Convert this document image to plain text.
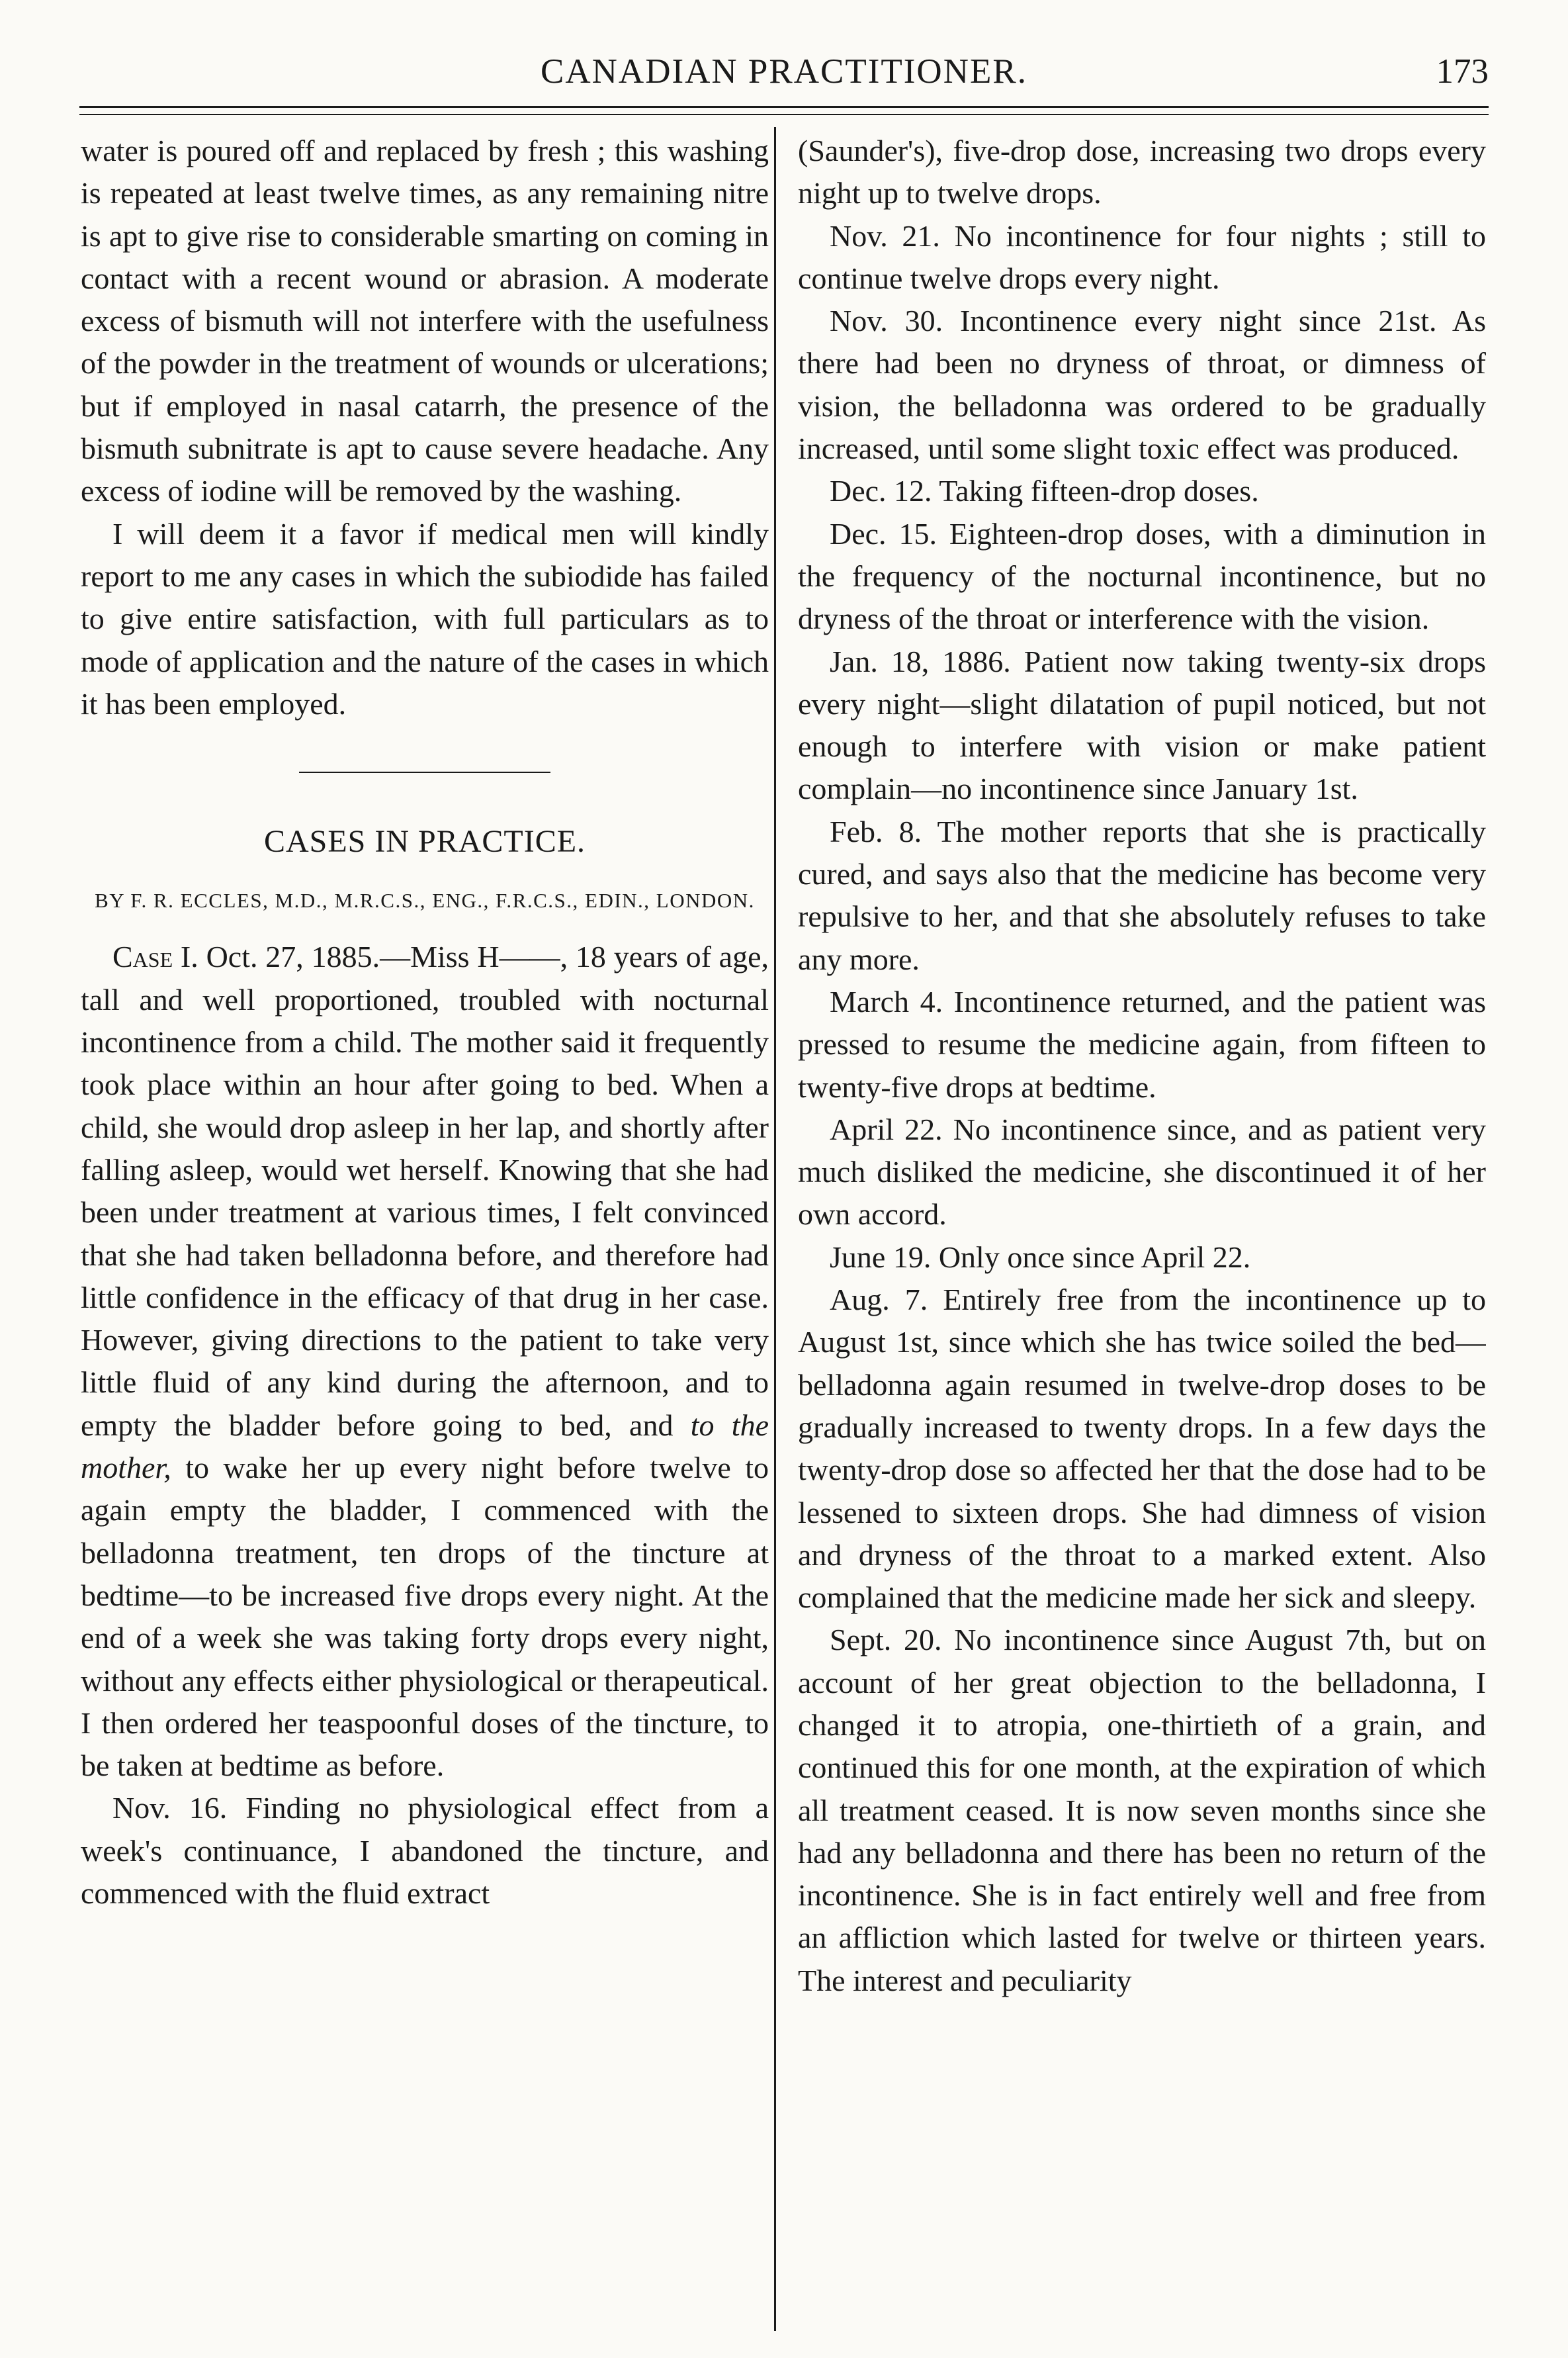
CANADIAN PRACTITIONER.	173

water is poured off and replaced by fresh ; this washing is repeated at least twelve times, as any remaining nitre is apt to give rise to considerable smarting on coming in contact with a recent wound or abrasion. A moderate excess of bismuth will not interfere with the usefulness of the powder in the treatment of wounds or ulcerations; but if employed in nasal catarrh, the presence of the bismuth subnitrate is apt to cause severe headache. Any excess of iodine will be removed by the washing.

I will deem it a favor if medical men will kindly report to me any cases in which the subiodide has failed to give entire satisfaction, with full particulars as to mode of application and the nature of the cases in which it has been employed.

CASES IN PRACTICE.
BY F. R. ECCLES, M.D., M.R.C.S., ENG., F.R.C.S., EDIN., LONDON.

Case I. Oct. 27, 1885.—Miss H——, 18 years of age, tall and well proportioned, troubled with nocturnal incontinence from a child. The mother said it frequently took place within an hour after going to bed. When a child, she would drop asleep in her lap, and shortly after falling asleep, would wet herself. Knowing that she had been under treatment at various times, I felt convinced that she had taken belladonna before, and therefore had little confidence in the efficacy of that drug in her case. However, giving directions to the patient to take very little fluid of any kind during the afternoon, and to empty the bladder before going to bed, and to the mother, to wake her up every night before twelve to again empty the bladder, I commenced with the belladonna treatment, ten drops of the tincture at bedtime—to be increased five drops every night. At the end of a week she was taking forty drops every night, without any effects either physiological or therapeutical. I then ordered her teaspoonful doses of the tincture, to be taken at bedtime as before.

Nov. 16. Finding no physiological effect from a week's continuance, I abandoned the tincture, and commenced with the fluid extract

(Saunder's), five-drop dose, increasing two drops every night up to twelve drops.

Nov. 21. No incontinence for four nights ; still to continue twelve drops every night.

Nov. 30. Incontinence every night since 21st. As there had been no dryness of throat, or dimness of vision, the belladonna was ordered to be gradually increased, until some slight toxic effect was produced.

Dec. 12. Taking fifteen-drop doses.

Dec. 15. Eighteen-drop doses, with a diminution in the frequency of the nocturnal incontinence, but no dryness of the throat or interference with the vision.

Jan. 18, 1886. Patient now taking twenty-six drops every night—slight dilatation of pupil noticed, but not enough to interfere with vision or make patient complain—no incontinence since January 1st.

Feb. 8. The mother reports that she is practically cured, and says also that the medicine has become very repulsive to her, and that she absolutely refuses to take any more.

March 4. Incontinence returned, and the patient was pressed to resume the medicine again, from fifteen to twenty-five drops at bedtime.

April 22. No incontinence since, and as patient very much disliked the medicine, she discontinued it of her own accord.

June 19. Only once since April 22.

Aug. 7. Entirely free from the incontinence up to August 1st, since which she has twice soiled the bed—belladonna again resumed in twelve-drop doses to be gradually increased to twenty drops. In a few days the twenty-drop dose so affected her that the dose had to be lessened to sixteen drops. She had dimness of vision and dryness of the throat to a marked extent. Also complained that the medicine made her sick and sleepy.

Sept. 20. No incontinence since August 7th, but on account of her great objection to the belladonna, I changed it to atropia, one-thirtieth of a grain, and continued this for one month, at the expiration of which all treatment ceased. It is now seven months since she had any belladonna and there has been no return of the incontinence. She is in fact entirely well and free from an affliction which lasted for twelve or thirteen years. The interest and peculiarity
